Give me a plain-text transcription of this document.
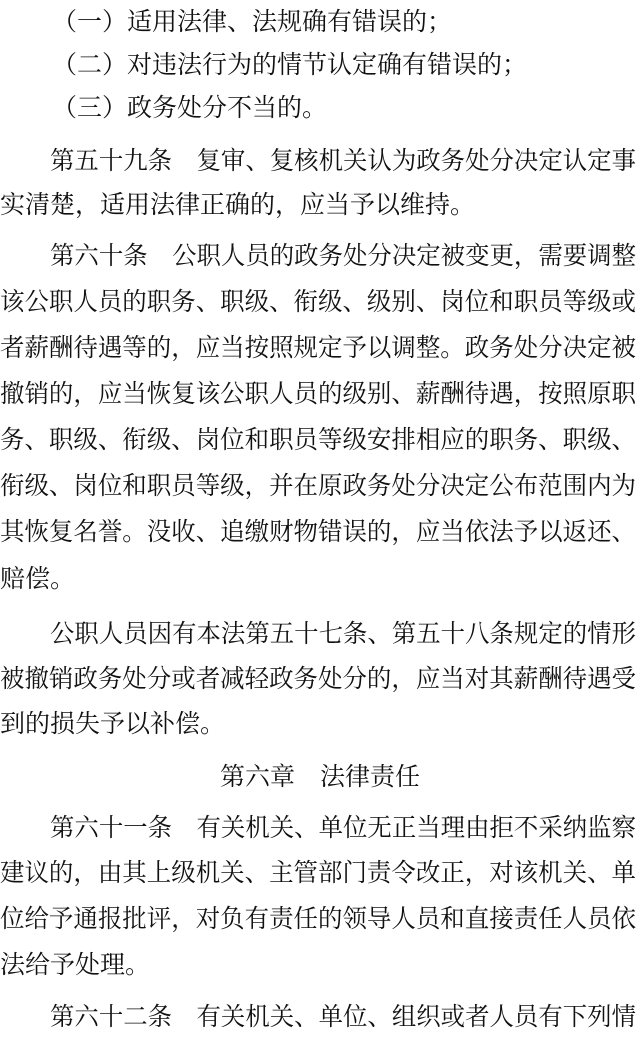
（一）适用法律、法规确有错误的；
（二）对违法行为的情节认定确有错误的；
（三）政务处分不当的。
第五十九条　复审、复核机关认为政务处分决定认定事
实清楚，适用法律正确的，应当予以维持。
第六十条　公职人员的政务处分决定被变更，需要调整
该公职人员的职务、职级、衔级、级别、岗位和职员等级或
者薪酬待遇等的，应当按照规定予以调整。政务处分决定被
撤销的，应当恢复该公职人员的级别、薪酬待遇，按照原职
务、职级、衔级、岗位和职员等级安排相应的职务、职级、
衔级、岗位和职员等级，并在原政务处分决定公布范围内为
其恢复名誉。没收、追缴财物错误的，应当依法予以返还、
赔偿。
公职人员因有本法第五十七条、第五十八条规定的情形
被撤销政务处分或者减轻政务处分的，应当对其薪酬待遇受
到的损失予以补偿。
第六章　法律责任
第六十一条　有关机关、单位无正当理由拒不采纳监察
建议的，由其上级机关、主管部门责令改正，对该机关、单
位给予通报批评，对负有责任的领导人员和直接责任人员依
法给予处理。
第六十二条　有关机关、单位、组织或者人员有下列情
